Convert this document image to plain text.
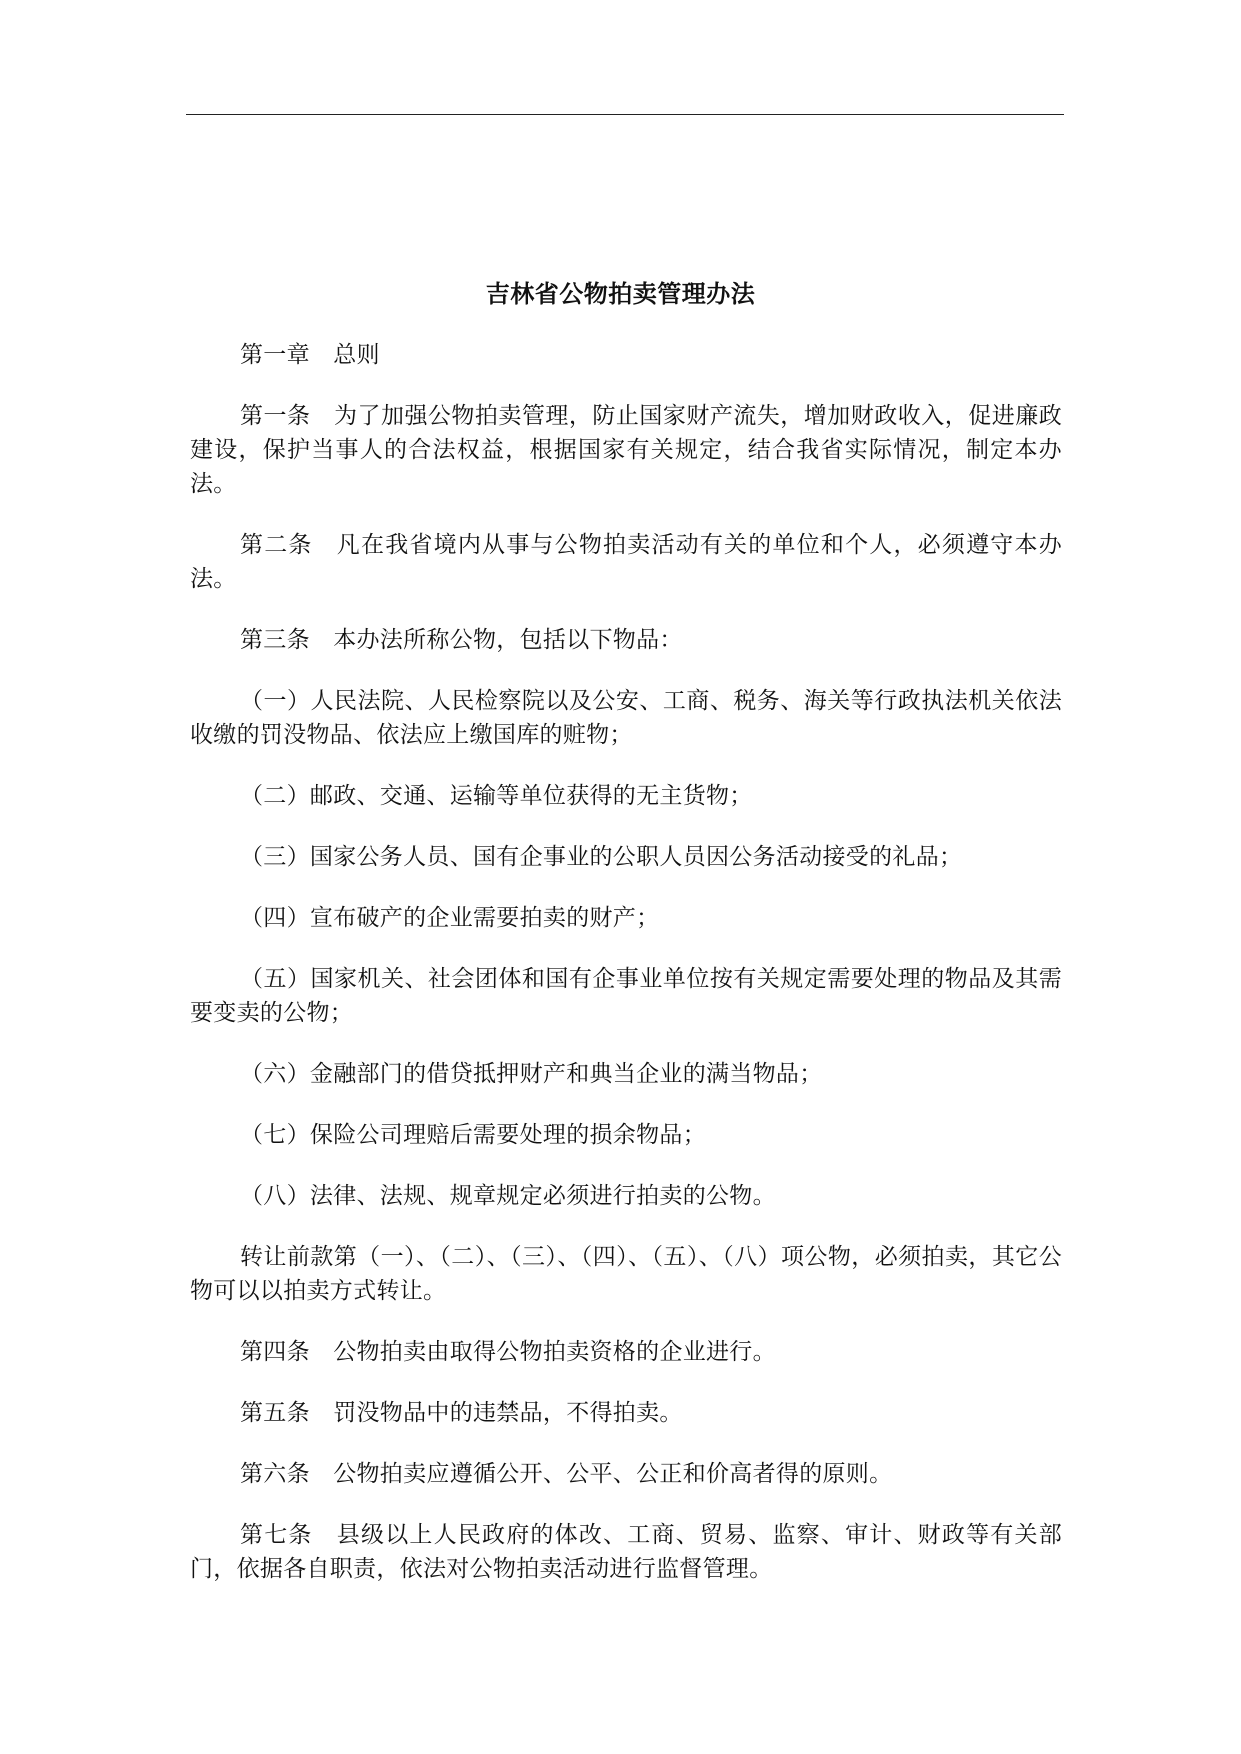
吉林省公物拍卖管理办法

第一章　总则

第一条　为了加强公物拍卖管理，防止国家财产流失，增加财政收入，促进廉政建设，保护当事人的合法权益，根据国家有关规定，结合我省实际情况，制定本办法。

第二条　凡在我省境内从事与公物拍卖活动有关的单位和个人，必须遵守本办法。

第三条　本办法所称公物，包括以下物品：

（一）人民法院、人民检察院以及公安、工商、税务、海关等行政执法机关依法收缴的罚没物品、依法应上缴国库的赃物；

（二）邮政、交通、运输等单位获得的无主货物；

（三）国家公务人员、国有企事业的公职人员因公务活动接受的礼品；

（四）宣布破产的企业需要拍卖的财产；

（五）国家机关、社会团体和国有企事业单位按有关规定需要处理的物品及其需要变卖的公物；

（六）金融部门的借贷抵押财产和典当企业的满当物品；

（七）保险公司理赔后需要处理的损余物品；

（八）法律、法规、规章规定必须进行拍卖的公物。

转让前款第（一）、（二）、（三）、（四）、（五）、（八）项公物，必须拍卖，其它公物可以以拍卖方式转让。

第四条　公物拍卖由取得公物拍卖资格的企业进行。

第五条　罚没物品中的违禁品，不得拍卖。

第六条　公物拍卖应遵循公开、公平、公正和价高者得的原则。

第七条　县级以上人民政府的体改、工商、贸易、监察、审计、财政等有关部门，依据各自职责，依法对公物拍卖活动进行监督管理。
